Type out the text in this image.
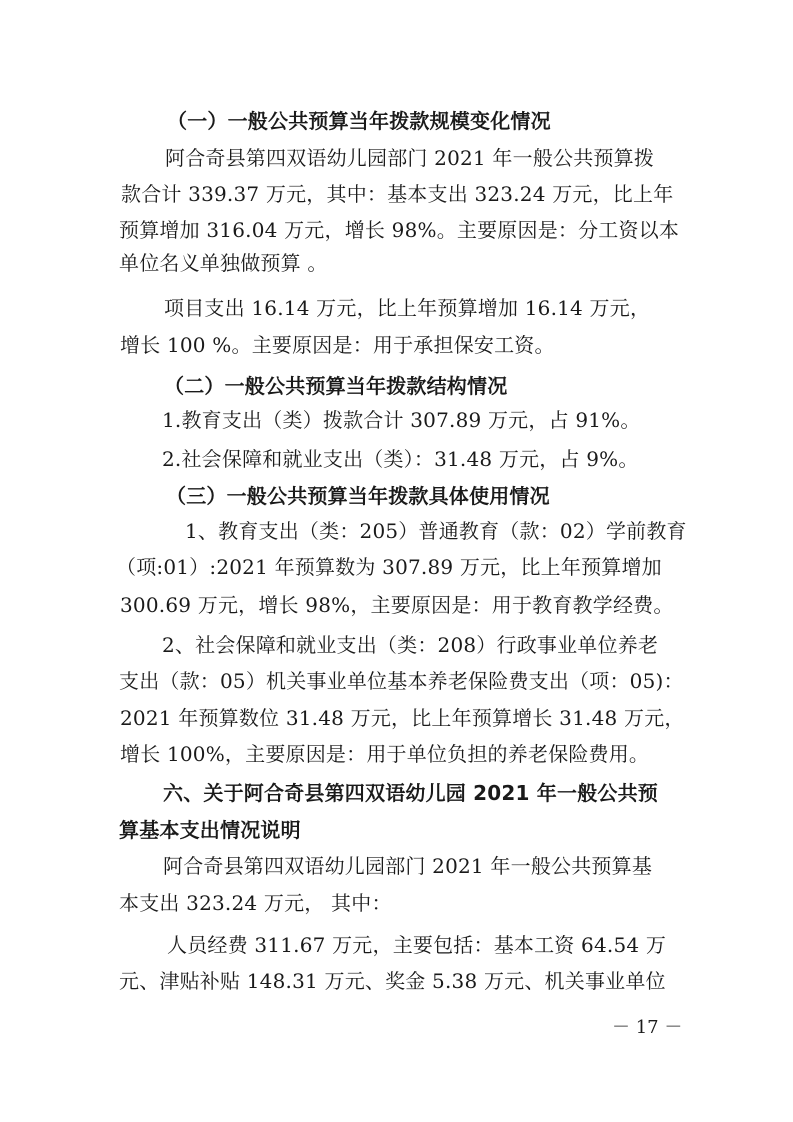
（一）一般公共预算当年拨款规模变化情况
阿合奇县第四双语幼儿园部门 2021 年一般公共预算拨
款合计 339.37 万元，其中：基本支出 323.24 万元，比上年
预算增加 316.04 万元，增长 98%。主要原因是：分工资以本
单位名义单独做预算 。
项目支出 16.14 万元，比上年预算增加 16.14 万元，
增长 100 %。主要原因是：用于承担保安工资。
（二）一般公共预算当年拨款结构情况
1.教育支出（类）拨款合计 307.89 万元，占 91%。
2.社会保障和就业支出（类）：31.48 万元，占 9%。
（三）一般公共预算当年拨款具体使用情况
1、教育支出（类：205）普通教育（款：02）学前教育
（项:01）:2021 年预算数为 307.89 万元，比上年预算增加
300.69 万元，增长 98%，主要原因是：用于教育教学经费。
2、社会保障和就业支出（类：208）行政事业单位养老
支出（款：05）机关事业单位基本养老保险费支出（项：05)：
2021 年预算数位 31.48 万元，比上年预算增长 31.48 万元，
增长 100%，主要原因是：用于单位负担的养老保险费用。
六、关于阿合奇县第四双语幼儿园 2021 年一般公共预
算基本支出情况说明
阿合奇县第四双语幼儿园部门 2021 年一般公共预算基
本支出 323.24 万元， 其中：
人员经费 311.67 万元，主要包括：基本工资 64.54 万
元、津贴补贴 148.31 万元、奖金 5.38 万元、机关事业单位
－ 17 －
